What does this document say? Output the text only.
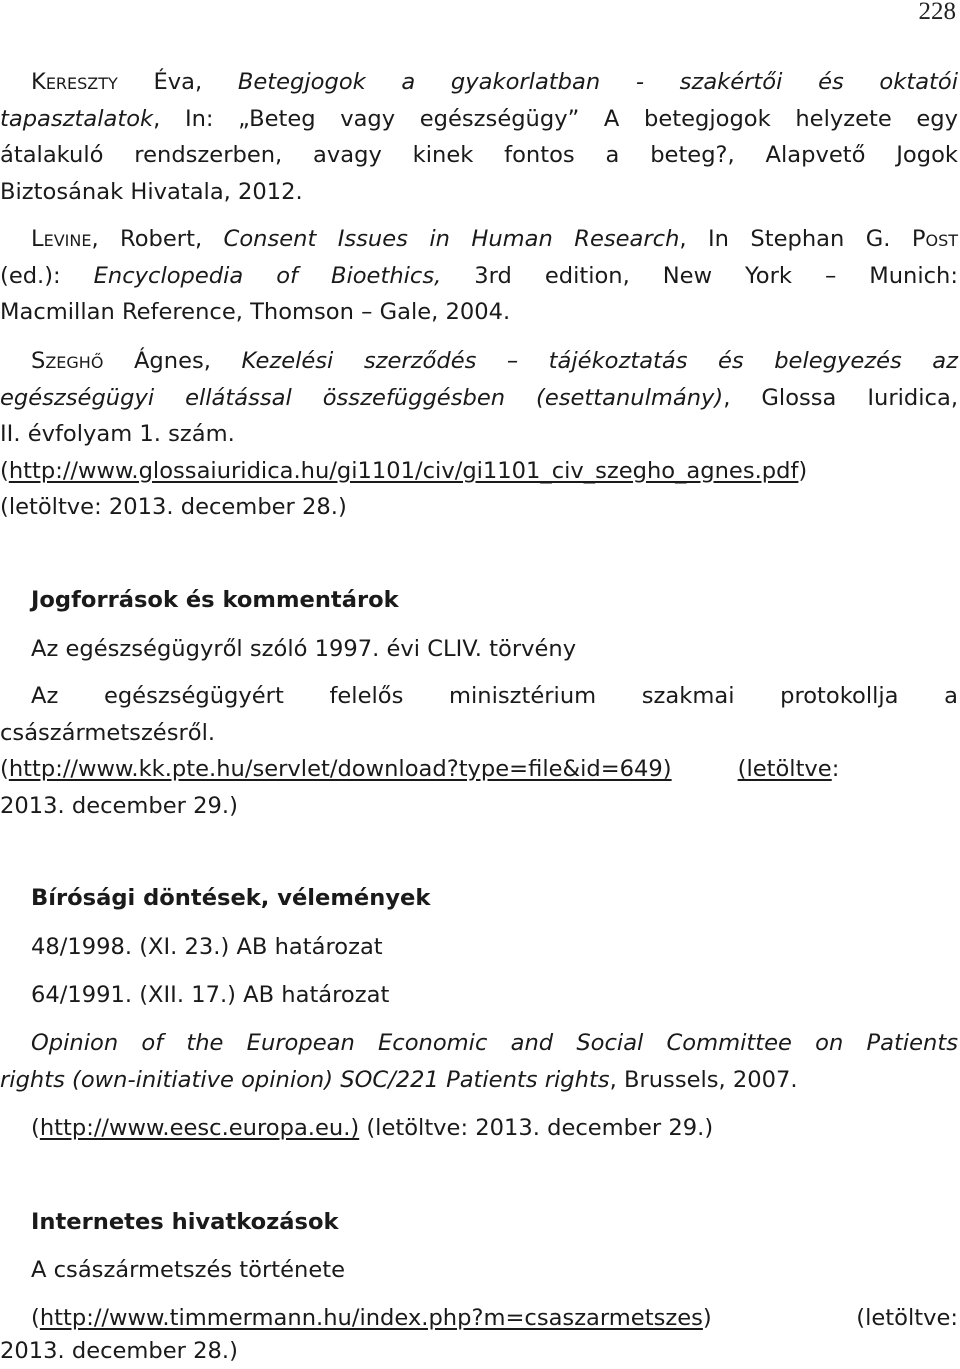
228
Kereszty Éva, Betegjogok a gyakorlatban - szakértői és oktatói
tapasztalatok, In: „Beteg vagy egészségügy” A betegjogok helyzete egy
átalakuló rendszerben, avagy kinek fontos a beteg?, Alapvető Jogok
Biztosának Hivatala, 2012.
Levine, Robert, Consent Issues in Human Research, In Stephan G. Post
(ed.): Encyclopedia of Bioethics, 3rd edition, New York – Munich:
Macmillan Reference, Thomson – Gale, 2004.
Szeghő Ágnes, Kezelési szerződés – tájékoztatás és belegyezés az
egészségügyi ellátással összefüggésben (esettanulmány), Glossa Iuridica,
II. évfolyam 1. szám.
(http://www.glossaiuridica.hu/gi1101/civ/gi1101_civ_szegho_agnes.pdf)
(letöltve: 2013. december 28.)
Jogforrások és kommentárok
Az egészségügyről szóló 1997. évi CLIV. törvény
Az egészségügyért felelős minisztérium szakmai protokollja a
császármetszésről.
(http://www.kk.pte.hu/servlet/download?type=file&id=649)	(letöltve:
2013. december 29.)
Bírósági döntések, vélemények
48/1998. (XI. 23.) AB határozat
64/1991. (XII. 17.) AB határozat
Opinion of the European Economic and Social Committee on Patients
rights (own-initiative opinion) SOC/221 Patients rights, Brussels, 2007.
(http://www.eesc.europa.eu.) (letöltve: 2013. december 29.)
Internetes hivatkozások
A császármetszés története
(http://www.timmermann.hu/index.php?m=csaszarmetszes)	(letöltve:
2013. december 28.)
